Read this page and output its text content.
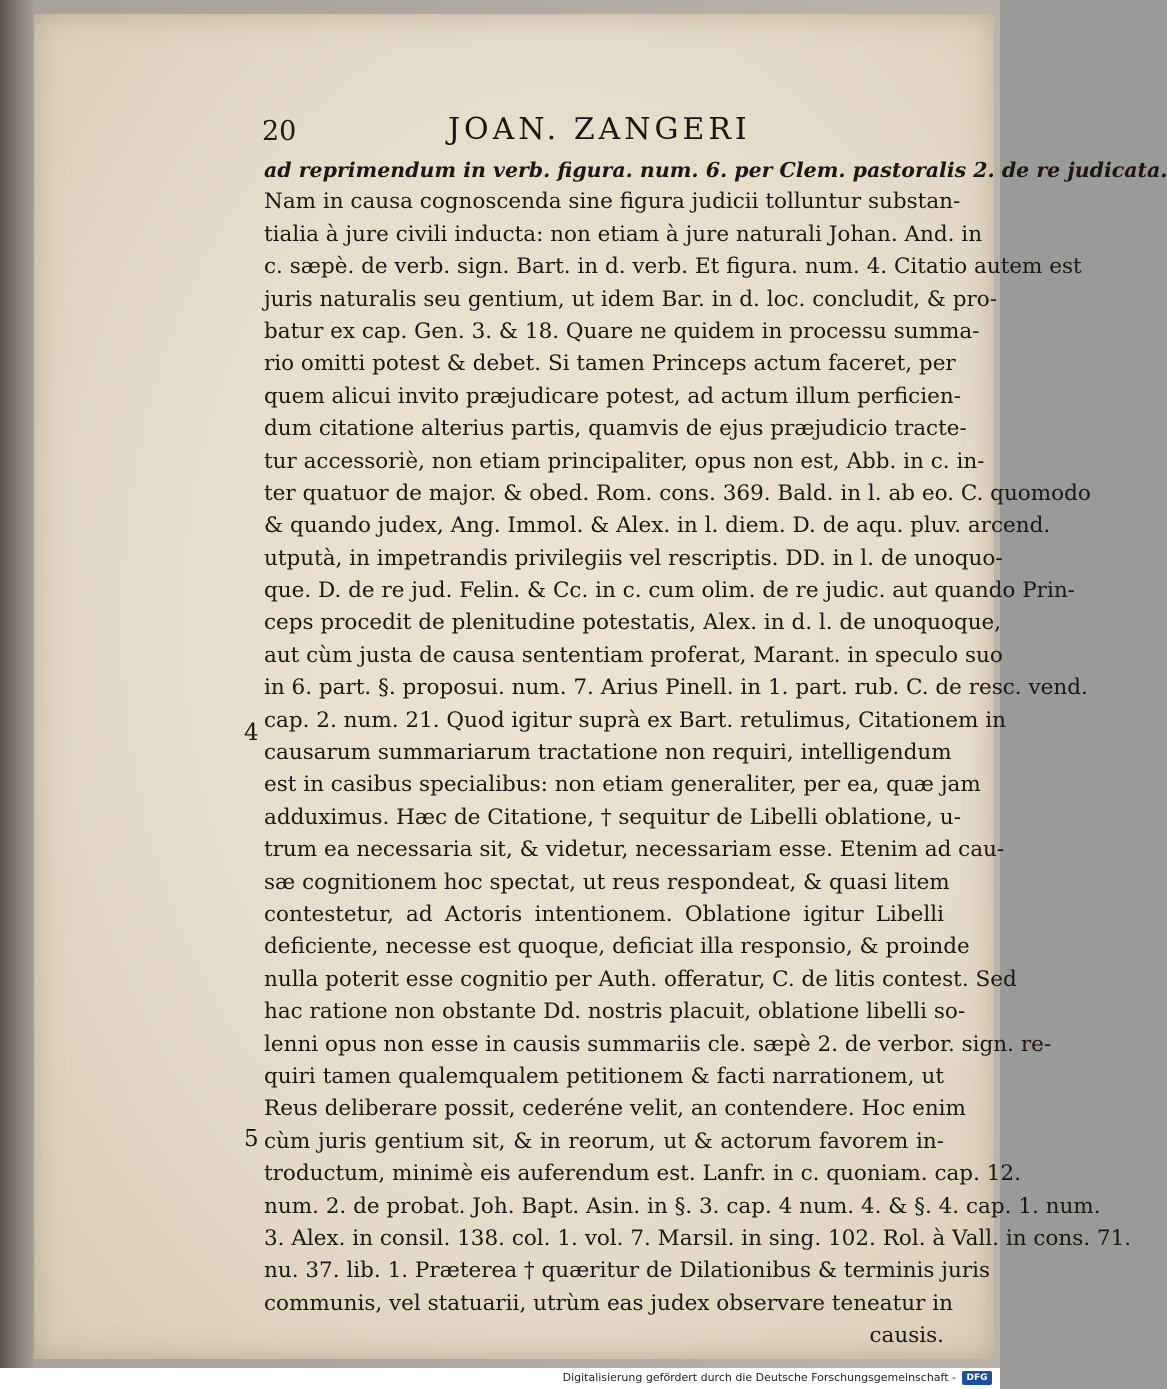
20	JOAN. ZANGERI
4
5
ad reprimendum in verb. figura. num. 6. per Clem. pastoralis 2. de re judicata.
Nam in causa cognoscenda sine figura judicii tolluntur substan-
tialia à jure civili inducta: non etiam à jure naturali Johan. And. in
c. sæpè. de verb. sign. Bart. in d. verb. Et figura. num. 4. Citatio autem est
juris naturalis seu gentium, ut idem Bar. in d. loc. concludit, & pro-
batur ex cap. Gen. 3. & 18. Quare ne quidem in processu summa-
rio omitti potest & debet. Si tamen Princeps actum faceret, per
quem alicui invito præjudicare potest, ad actum illum perficien-
dum citatione alterius partis, quamvis de ejus præjudicio tracte-
tur accessoriè, non etiam principaliter, opus non est, Abb. in c. in-
ter quatuor de major. & obed. Rom. cons. 369. Bald. in l. ab eo. C. quomodo
& quando judex, Ang. Immol. & Alex. in l. diem. D. de aqu. pluv. arcend.
utputà, in impetrandis privilegiis vel rescriptis. DD. in l. de unoquo-
que. D. de re jud. Felin. & Cc. in c. cum olim. de re judic. aut quando Prin-
ceps procedit de plenitudine potestatis, Alex. in d. l. de unoquoque,
aut cùm justa de causa sententiam proferat, Marant. in speculo suo
in 6. part. §. proposui. num. 7. Arius Pinell. in 1. part. rub. C. de resc. vend.
cap. 2. num. 21. Quod igitur suprà ex Bart. retulimus, Citationem in
causarum summariarum tractatione non requiri, intelligendum
est in casibus specialibus: non etiam generaliter, per ea, quæ jam
adduximus. Hæc de Citatione, † sequitur de Libelli oblatione, u-
trum ea necessaria sit, & videtur, necessariam esse. Etenim ad cau-
sæ cognitionem hoc spectat, ut reus respondeat, & quasi litem
contestetur, ad Actoris intentionem. Oblatione igitur Libelli
deficiente, necesse est quoque, deficiat illa responsio, & proinde
nulla poterit esse cognitio per Auth. offeratur, C. de litis contest. Sed
hac ratione non obstante Dd. nostris placuit, oblatione libelli so-
lenni opus non esse in causis summariis cle. sæpè 2. de verbor. sign. re-
quiri tamen qualemqualem petitionem & facti narrationem, ut
Reus deliberare possit, cederéne velit, an contendere. Hoc enim
cùm juris gentium sit, & in reorum, ut & actorum favorem in-
troductum, minimè eis auferendum est. Lanfr. in c. quoniam. cap. 12.
num. 2. de probat. Joh. Bapt. Asin. in §. 3. cap. 4 num. 4. & §. 4. cap. 1. num.
3. Alex. in consil. 138. col. 1. vol. 7. Marsil. in sing. 102. Rol. à Vall. in cons. 71.
nu. 37. lib. 1. Præterea † quæritur de Dilationibus & terminis juris
communis, vel statuarii, utrùm eas judex observare teneatur in
causis.
Digitalisierung gefördert durch die Deutsche Forschungsgemeinschaft -	DFG
